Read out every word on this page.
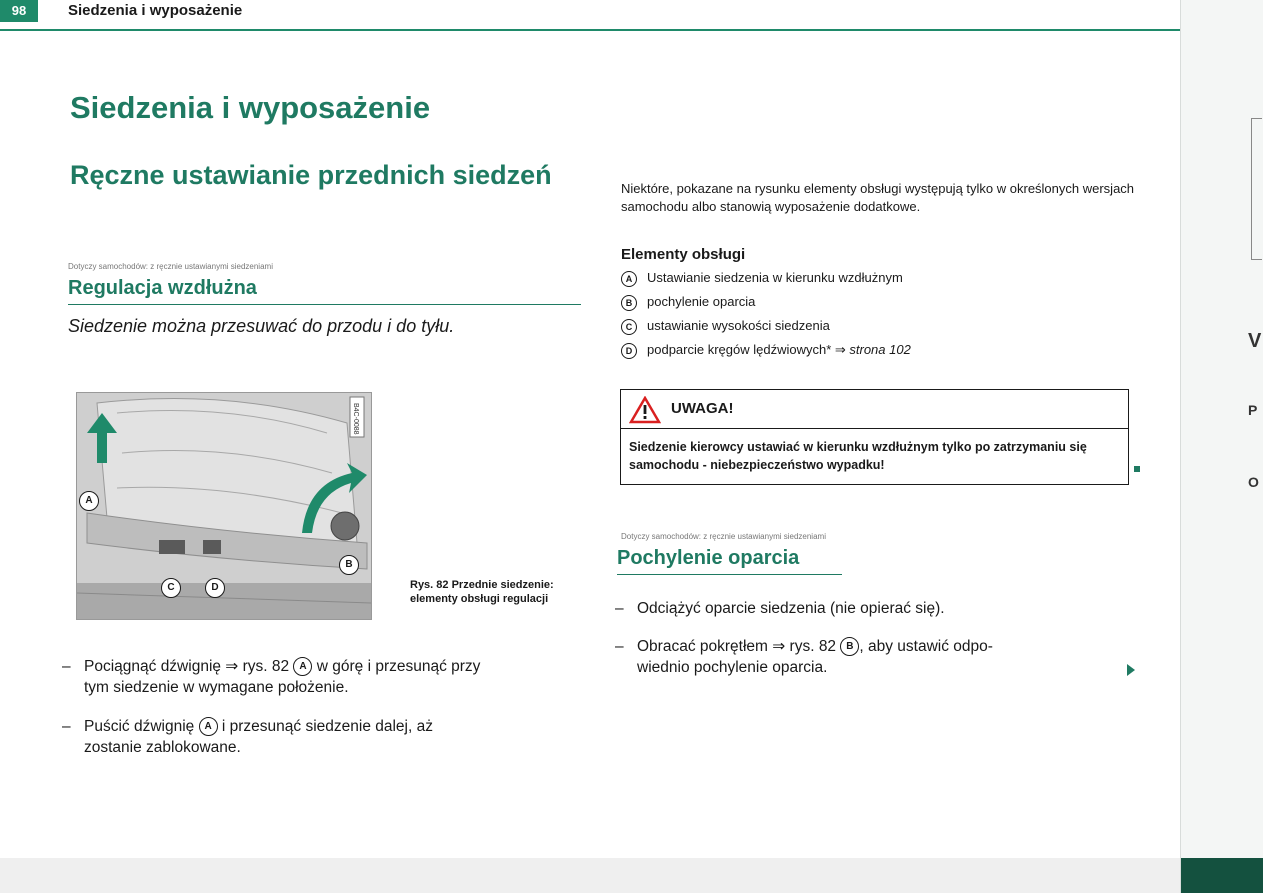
98	Siedzenia i wyposażenie
Siedzenia i wyposażenie
Ręczne ustawianie przednich siedzeń
Dotyczy samochodów: z ręcznie ustawianymi siedzeniami
Regulacja wzdłużna
Siedzenie można przesuwać do przodu i do tyłu.
B4C-0088
A
B
C	D	Rys. 82 Przednie siedzenie: elementy obsługi regulacji
– Pociągnąć dźwignię ⇒ rys. 82 A w górę i przesunąć przy
tym siedzenie w wymagane położenie.
– Puścić dźwignię A i przesunąć siedzenie dalej, aż
zostanie zablokowane.
Niektóre, pokazane na rysunku elementy obsługi występują tylko w określonych wersjach samochodu albo stanowią wyposażenie dodatkowe.
Elementy obsługi
A Ustawianie siedzenia w kierunku wzdłużnym
B pochylenie oparcia
C ustawianie wysokości siedzenia
D podparcie kręgów lędźwiowych* ⇒ strona 102
UWAGA!
Siedzenie kierowcy ustawiać w kierunku wzdłużnym tylko po zatrzymaniu się samochodu - niebezpieczeństwo wypadku!
Dotyczy samochodów: z ręcznie ustawianymi siedzeniami
Pochylenie oparcia
– Odciążyć oparcie siedzenia (nie opierać się).
– Obracać pokrętłem ⇒ rys. 82 B , aby ustawić odpo-
wiednio pochylenie oparcia.
V
P
O
